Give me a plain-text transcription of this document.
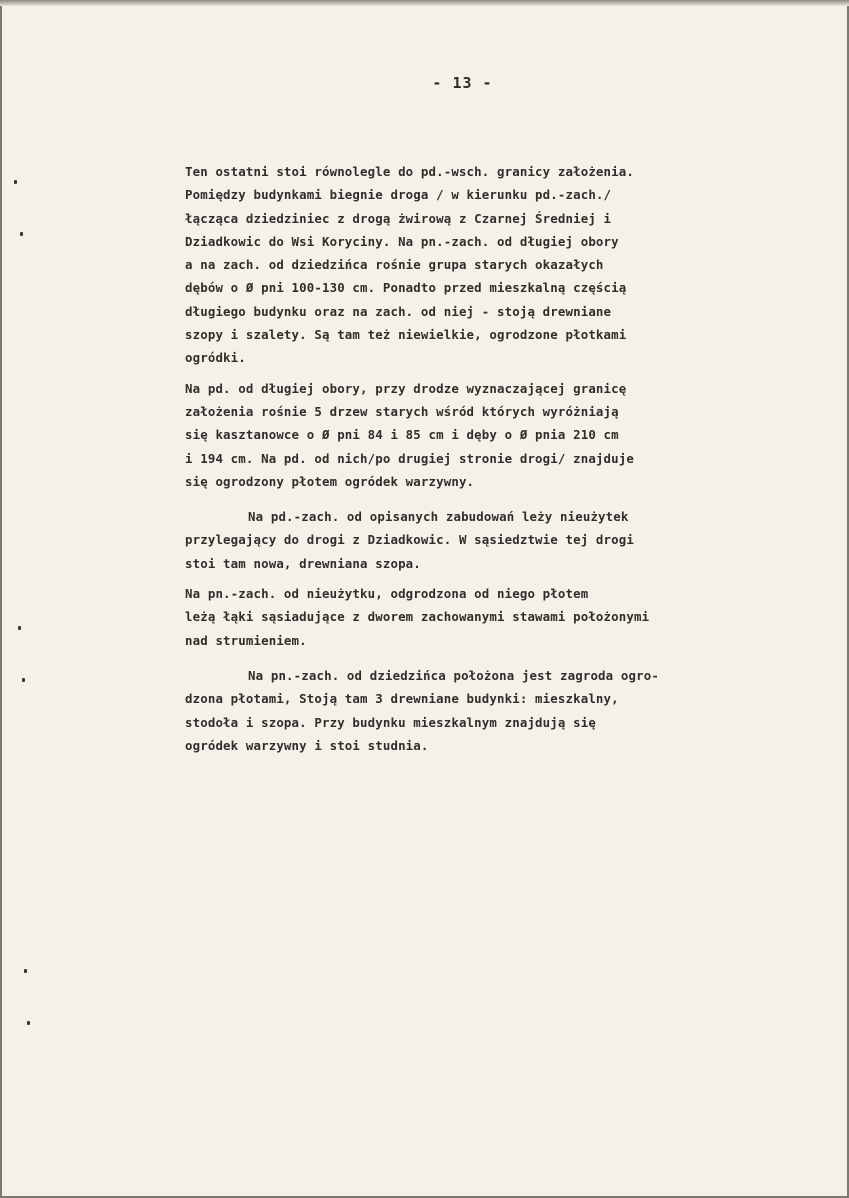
- 13 -
Ten ostatni stoi równolegle do pd.-wsch. granicy założenia.
Pomiędzy budynkami biegnie droga / w kierunku pd.-zach./
łącząca dziedziniec z drogą żwirową z Czarnej Średniej i
Dziadkowic do Wsi Koryciny. Na pn.-zach. od długiej obory
a na zach. od dziedzińca rośnie grupa starych okazałych
dębów o Ø pni 100-130 cm. Ponadto przed mieszkalną częścią
długiego budynku oraz na zach. od niej - stoją drewniane
szopy i szalety. Są tam też niewielkie, ogrodzone płotkami
ogródki.
Na pd. od długiej obory, przy drodze wyznaczającej granicę
założenia rośnie 5 drzew starych wśród których wyróżniają
się kasztanowce o Ø pni 84 i 85 cm i dęby o Ø pnia 210 cm
i 194 cm. Na pd. od nich/po drugiej stronie drogi/ znajduje
się ogrodzony płotem ogródek warzywny.
Na pd.-zach. od opisanych zabudowań leży nieużytek
przylegający do drogi z Dziadkowic. W sąsiedztwie tej drogi
stoi tam nowa, drewniana szopa.
Na pn.-zach. od nieużytku, odgrodzona od niego płotem
leżą łąki sąsiadujące z dworem zachowanymi stawami położonymi
nad strumieniem.
Na pn.-zach. od dziedzińca położona jest zagroda ogro-
dzona płotami, Stoją tam 3 drewniane budynki: mieszkalny,
stodoła i szopa. Przy budynku mieszkalnym znajdują się
ogródek warzywny i stoi studnia.
